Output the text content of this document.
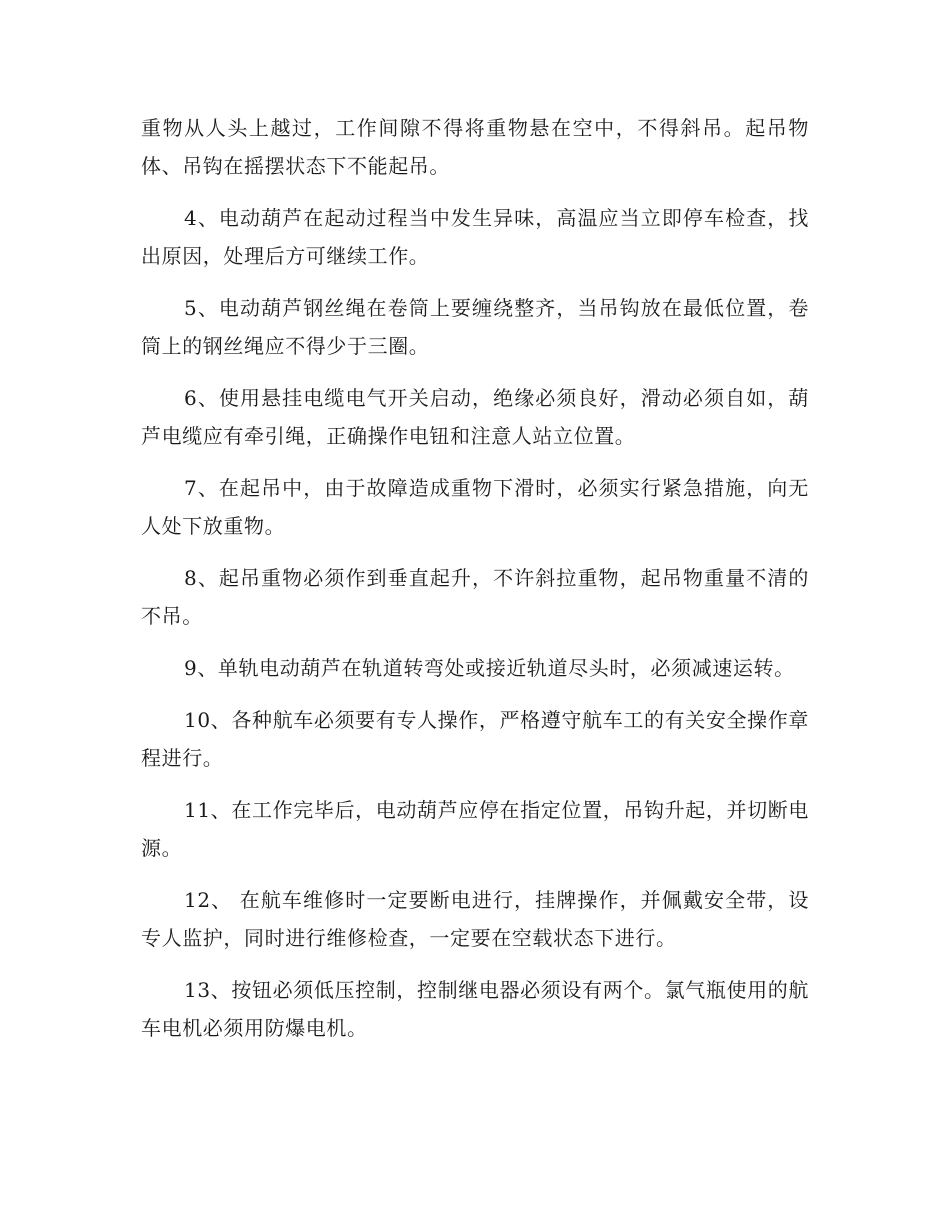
重物从人头上越过，工作间隙不得将重物悬在空中，不得斜吊。起吊物体、吊钩在摇摆状态下不能起吊。

4、电动葫芦在起动过程当中发生异味，高温应当立即停车检查，找出原因，处理后方可继续工作。

5、电动葫芦钢丝绳在卷筒上要缠绕整齐，当吊钩放在最低位置，卷筒上的钢丝绳应不得少于三圈。

6、使用悬挂电缆电气开关启动，绝缘必须良好，滑动必须自如，葫芦电缆应有牵引绳，正确操作电钮和注意人站立位置。

7、在起吊中，由于故障造成重物下滑时，必须实行紧急措施，向无人处下放重物。

8、起吊重物必须作到垂直起升，不许斜拉重物，起吊物重量不清的不吊。

9、单轨电动葫芦在轨道转弯处或接近轨道尽头时，必须减速运转。

10、各种航车必须要有专人操作，严格遵守航车工的有关安全操作章程进行。

11、在工作完毕后，电动葫芦应停在指定位置，吊钩升起，并切断电源。

12、 在航车维修时一定要断电进行，挂牌操作，并佩戴安全带，设专人监护，同时进行维修检查，一定要在空载状态下进行。

13、按钮必须低压控制，控制继电器必须设有两个。氯气瓶使用的航车电机必须用防爆电机。
